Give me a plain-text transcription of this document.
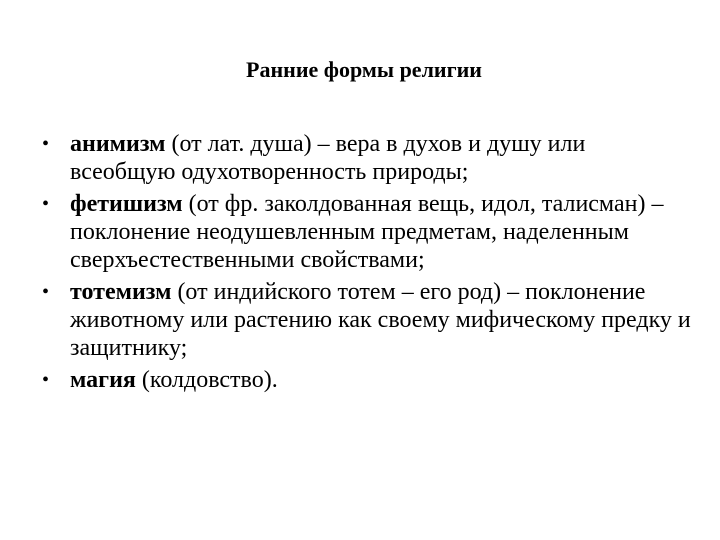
Ранние формы религии
• анимизм (от лат. душа) – вера в духов и душу или всеобщую одухотворенность природы;
• фетишизм (от фр. заколдованная вещь, идол, талисман) – поклонение неодушевленным предметам, наделенным сверхъестественными свойствами;
• тотемизм (от индийского тотем – его род) – поклонение животному или растению как своему мифическому предку и защитнику;
• магия (колдовство).
